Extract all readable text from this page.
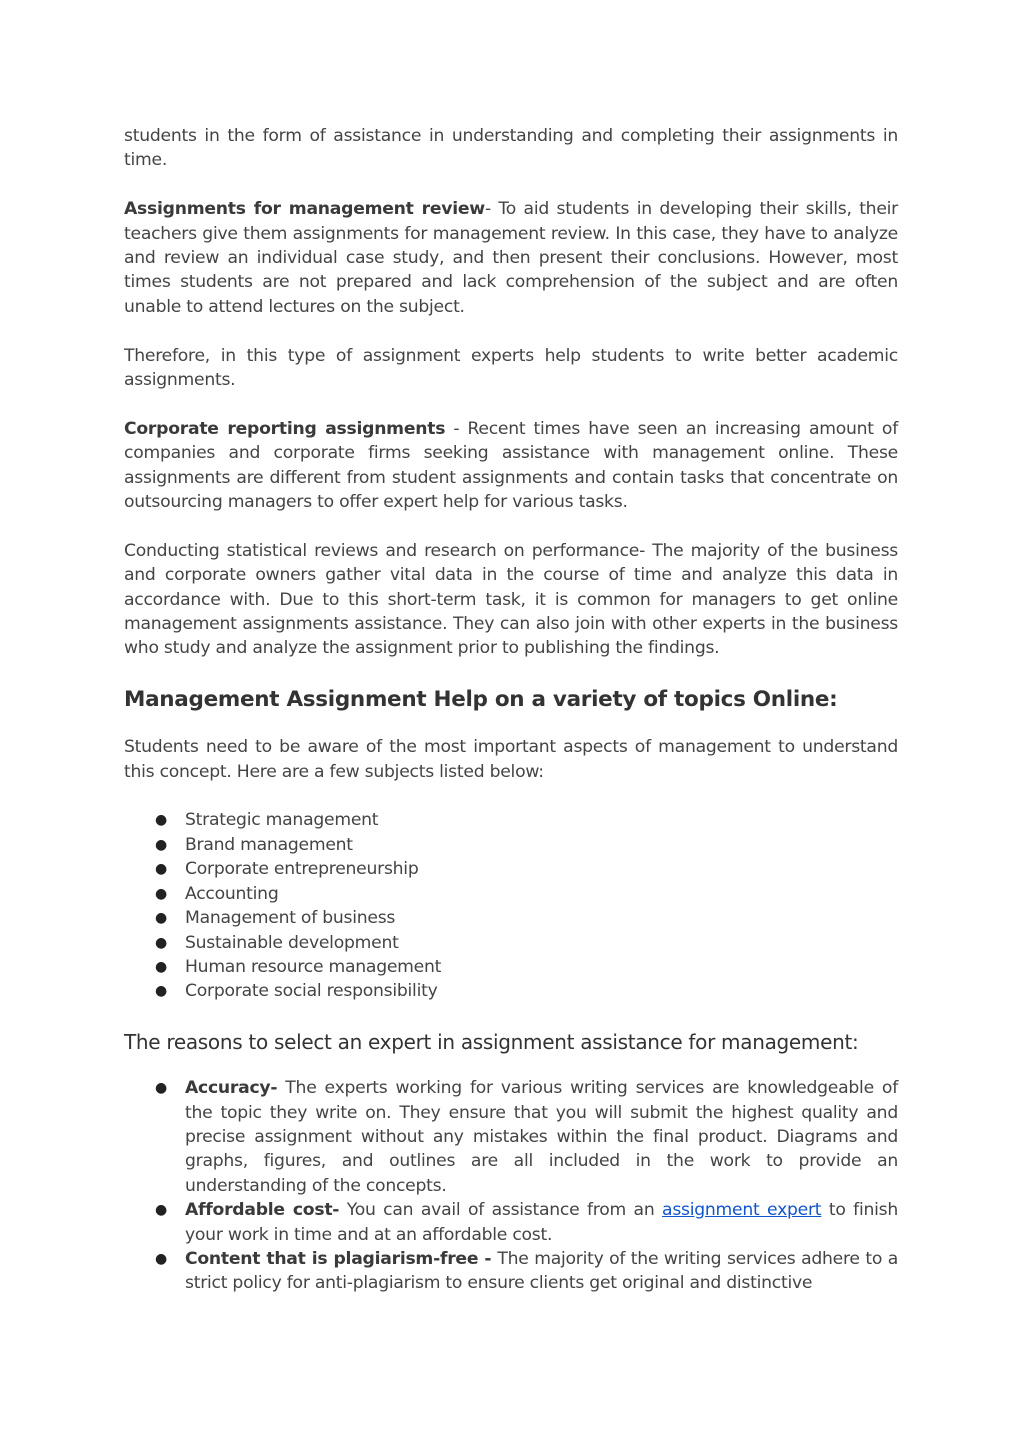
students in the form of assistance in understanding and completing their assignments in time.

Assignments for management review- To aid students in developing their skills, their teachers give them assignments for management review. In this case, they have to analyze and review an individual case study, and then present their conclusions. However, most times students are not prepared and lack comprehension of the subject and are often unable to attend lectures on the subject.

Therefore, in this type of assignment experts help students to write better academic assignments.

Corporate reporting assignments - Recent times have seen an increasing amount of companies and corporate firms seeking assistance with management online. These assignments are different from student assignments and contain tasks that concentrate on outsourcing managers to offer expert help for various tasks.

Conducting statistical reviews and research on performance- The majority of the business and corporate owners gather vital data in the course of time and analyze this data in accordance with. Due to this short-term task, it is common for managers to get online management assignments assistance. They can also join with other experts in the business who study and analyze the assignment prior to publishing the findings.

Management Assignment Help on a variety of topics Online:

Students need to be aware of the most important aspects of management to understand this concept. Here are a few subjects listed below:

● Strategic management
● Brand management
● Corporate entrepreneurship
● Accounting
● Management of business
● Sustainable development
● Human resource management
● Corporate social responsibility
The reasons to select an expert in assignment assistance for management:
● Accuracy- The experts working for various writing services are knowledgeable of the topic they write on. They ensure that you will submit the highest quality and precise assignment without any mistakes within the final product. Diagrams and graphs, figures, and outlines are all included in the work to provide an understanding of the concepts.
● Affordable cost- You can avail of assistance from an assignment expert to finish your work in time and at an affordable cost.
● Content that is plagiarism-free - The majority of the writing services adhere to a strict policy for anti-plagiarism to ensure clients get original and distinctive
